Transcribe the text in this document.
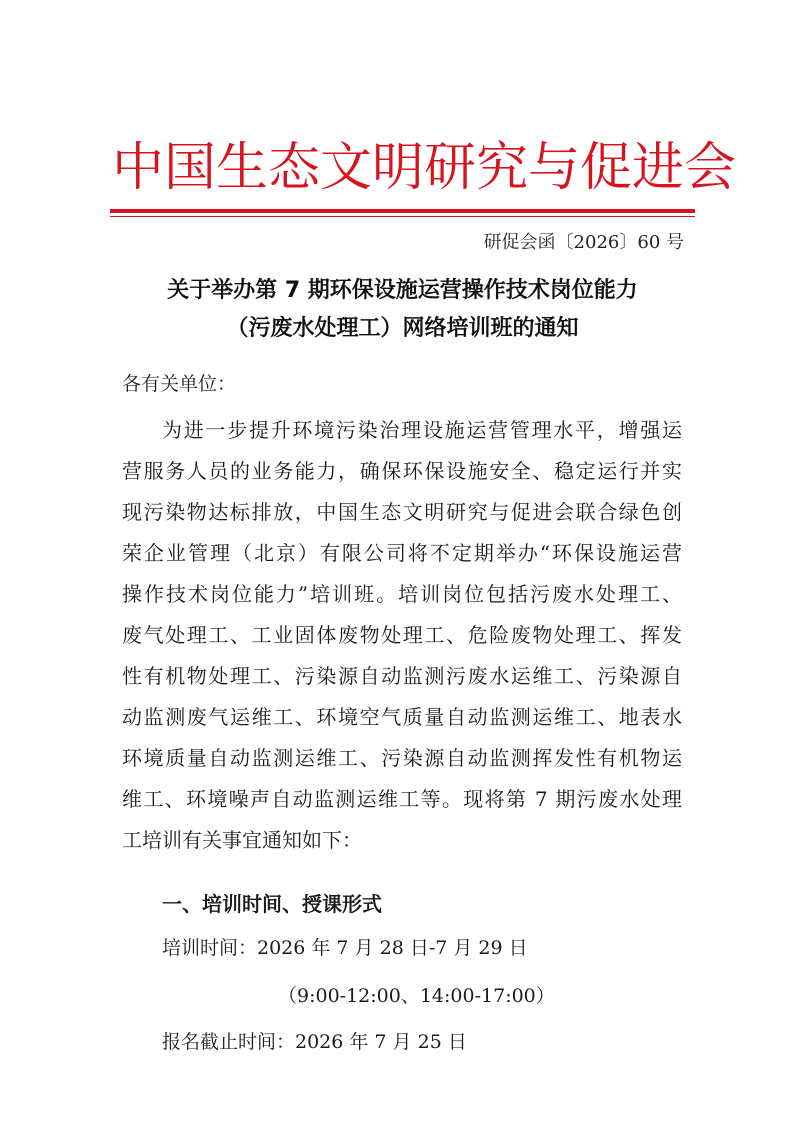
中国生态文明研究与促进会
研促会函〔2026〕60 号
关于举办第 7 期环保设施运营操作技术岗位能力
（污废水处理工）网络培训班的通知
各有关单位：
为进一步提升环境污染治理设施运营管理水平，增强运
营服务人员的业务能力，确保环保设施安全、稳定运行并实
现污染物达标排放，中国生态文明研究与促进会联合绿色创
荣企业管理（北京）有限公司将不定期举办“环保设施运营
操作技术岗位能力”培训班。培训岗位包括污废水处理工、
废气处理工、工业固体废物处理工、危险废物处理工、挥发
性有机物处理工、污染源自动监测污废水运维工、污染源自
动监测废气运维工、环境空气质量自动监测运维工、地表水
环境质量自动监测运维工、污染源自动监测挥发性有机物运
维工、环境噪声自动监测运维工等。现将第 7 期污废水处理
工培训有关事宜通知如下：
一、培训时间、授课形式
培训时间：2026 年 7 月 28 日-7 月 29 日
（9:00-12:00、14:00-17:00）
报名截止时间：2026 年 7 月 25 日
